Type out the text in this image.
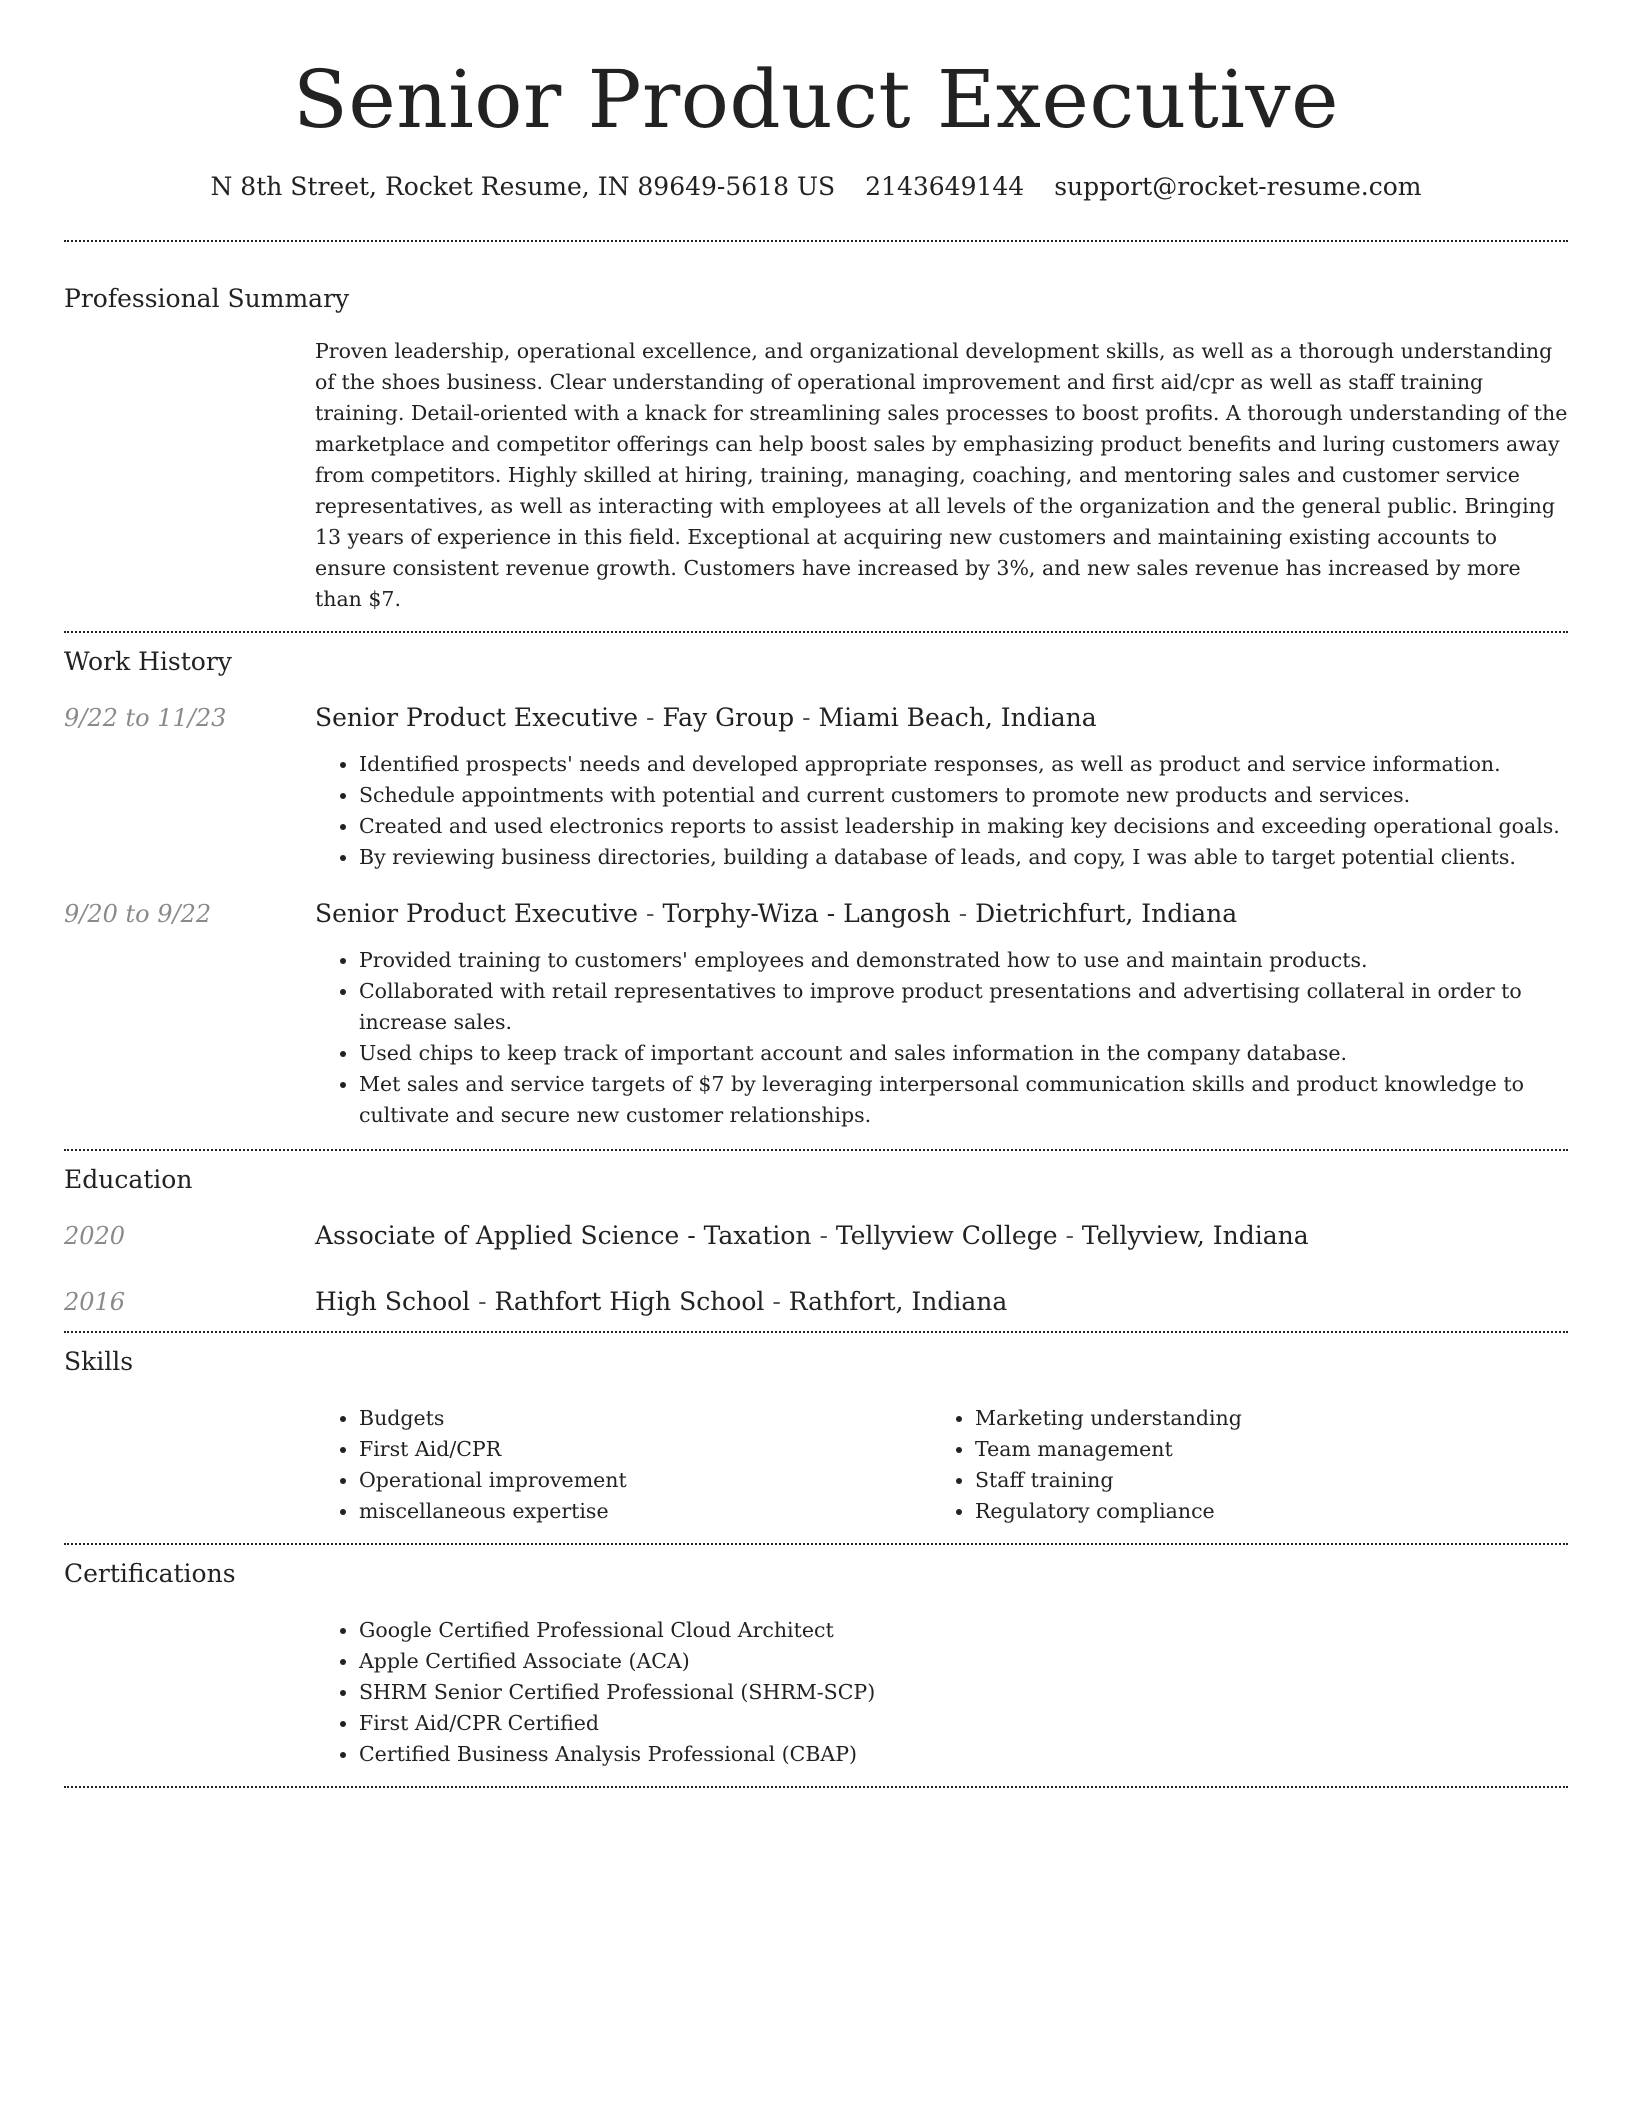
Senior Product Executive
N 8th Street, Rocket Resume, IN 89649-5618 US 2143649144 support@rocket-resume.com
Professional Summary

Proven leadership, operational excellence, and organizational development skills, as well as a thorough understanding of the shoes business. Clear understanding of operational improvement and first aid/cpr as well as staff training training. Detail-oriented with a knack for streamlining sales processes to boost profits. A thorough understanding of the marketplace and competitor offerings can help boost sales by emphasizing product benefits and luring customers away from competitors. Highly skilled at hiring, training, managing, coaching, and mentoring sales and customer service representatives, as well as interacting with employees at all levels of the organization and the general public. Bringing 13 years of experience in this field. Exceptional at acquiring new customers and maintaining existing accounts to ensure consistent revenue growth. Customers have increased by 3%, and new sales revenue has increased by more than $7.

Work History
9/22 to 11/23	Senior Product Executive - Fay Group - Miami Beach, Indiana
• Identified prospects' needs and developed appropriate responses, as well as product and service information.
• Schedule appointments with potential and current customers to promote new products and services.
• Created and used electronics reports to assist leadership in making key decisions and exceeding operational goals.
• By reviewing business directories, building a database of leads, and copy, I was able to target potential clients.
9/20 to 9/22	Senior Product Executive - Torphy-Wiza - Langosh - Dietrichfurt, Indiana
• Provided training to customers' employees and demonstrated how to use and maintain products.
• Collaborated with retail representatives to improve product presentations and advertising collateral in order to increase sales.
• Used chips to keep track of important account and sales information in the company database.
• Met sales and service targets of $7 by leveraging interpersonal communication skills and product knowledge to cultivate and secure new customer relationships.
Education
2020	Associate of Applied Science - Taxation - Tellyview College - Tellyview, Indiana
2016	High School - Rathfort High School - Rathfort, Indiana
Skills
• Budgets
• First Aid/CPR
• Operational improvement
• miscellaneous expertise
• Marketing understanding
• Team management
• Staff training
• Regulatory compliance
Certifications
• Google Certified Professional Cloud Architect
• Apple Certified Associate (ACA)
• SHRM Senior Certified Professional (SHRM-SCP)
• First Aid/CPR Certified
• Certified Business Analysis Professional (CBAP)
